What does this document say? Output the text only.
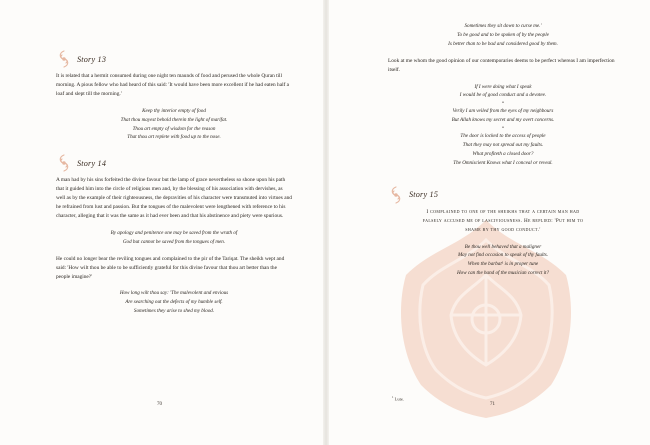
Story 13

It is related that a hermit consumed during one night ten maunds of food and perused the whole Quran till morning. A pious fellow who had heard of this said: 'It would have been more excellent if he had eaten half a loaf and slept till the morning.'

Keep thy interior empty of food
That thou mayest behold therein the light of marifat.
Thou art empty of wisdom for the reason
That thou art replete with food up to the nose.
Story 14

A man had by his sins forfeited the divine favour but the lamp of grace nevertheless so shone upon his path that it guided him into the circle of religious men and, by the blessing of his association with dervishes, as well as by the example of their righteousness, the depravities of his character were transmuted into virtues and he refrained from lust and passion. But the tongues of the malevolent were lengthened with reference to his character, alleging that it was the same as it had ever been and that his abstinence and piety were spurious.

By apology and penitence one may be saved from the wrath of
God but cannot be saved from the tongues of men.

He could no longer bear the reviling tongues and complained to the pir of the Tariqat. The sheikh wept and said: 'How wilt thou be able to be sufficiently grateful for this divine favour that thou art better than the people imagine?'

How long wilt thou say: 'The malevolent and envious
Are searching out the defects of my humble self.
Sometimes they arise to shed my blood.
70
Sometimes they sit down to curse me.'
To be good and to be spoken of by the people
Is better than to be bad and considered good by them.

Look at me whom the good opinion of our contemporaries deems to be perfect whereas I am imperfection itself.

If I were doing what I speak
I would be of good conduct and a devotee.
•
Verily I am veiled from the eyes of my neighbours
But Allah knows my secret and my overt concerns.
•
The door is locked to the access of people
That they may not spread out my faults.
What profiteth a closed door?
The Omniscient Knows what I conceal or reveal.
Story 15
I complained to one of the sheikhs that a certain man had
falsely accused me of lasciviousness. He replied: 'Put him to
shame by thy good conduct.'
Be thou well behaved that a maligner
May not find occasion to speak of thy faults.
When the barbat¹ is in proper tune
How can the hand of the musician correct it?
$^1$ Lute.
71
